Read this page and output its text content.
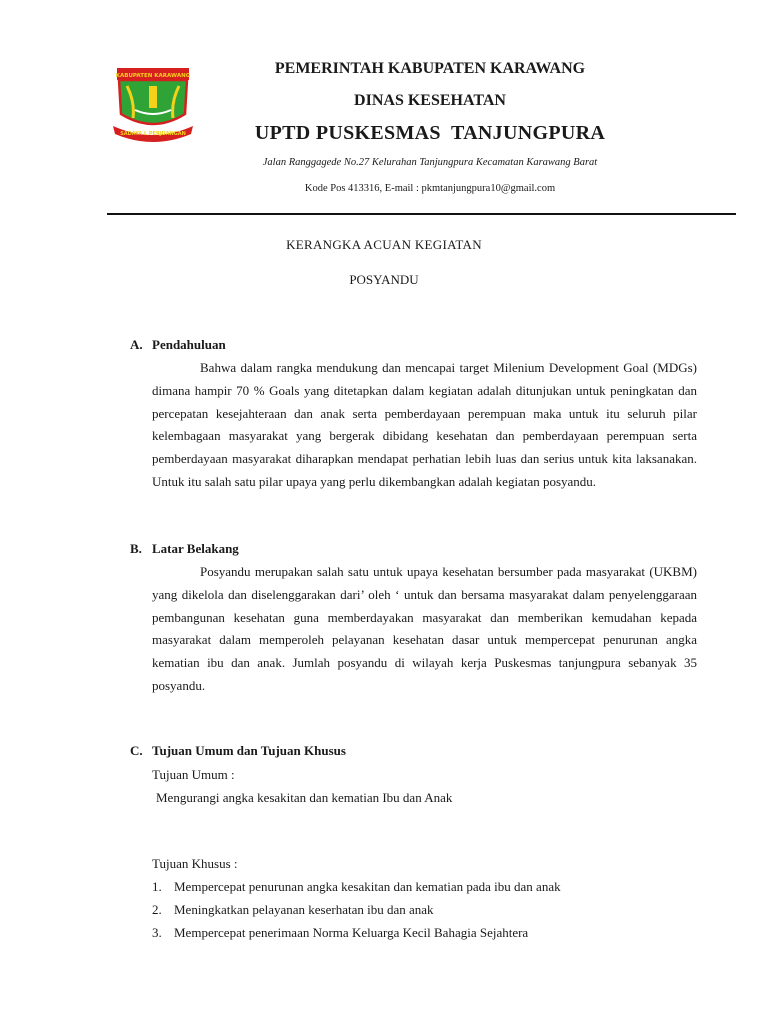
KABUPATEN KARAWANG
SADAYA L PERJUANGAN
PEMERINTAH KABUPATEN KARAWANG
DINAS KESEHATAN
UPTD PUSKESMAS  TANJUNGPURA
Jalan Ranggagede No.27 Kelurahan Tanjungpura Kecamatan Karawang Barat
Kode Pos 413316, E-mail : pkmtanjungpura10@gmail.com
KERANGKA ACUAN KEGIATAN
POSYANDU
A. Pendahuluan
Bahwa dalam rangka mendukung dan mencapai target Milenium Development Goal (MDGs) dimana hampir 70 % Goals yang ditetapkan dalam kegiatan adalah ditunjukan untuk peningkatan dan percepatan kesejahteraan dan anak serta pemberdayaan perempuan maka untuk itu seluruh pilar kelembagaan masyarakat yang bergerak dibidang kesehatan dan pemberdayaan perempuan serta pemberdayaan masyarakat diharapkan mendapat perhatian lebih luas dan serius untuk kita laksanakan. Untuk itu salah satu pilar upaya yang perlu dikembangkan adalah kegiatan posyandu.
B. Latar Belakang
Posyandu merupakan salah satu untuk upaya kesehatan bersumber pada masyarakat (UKBM) yang dikelola dan diselenggarakan dari’ oleh ‘ untuk dan bersama masyarakat dalam penyelenggaraan pembangunan kesehatan guna memberdayakan masyarakat dan memberikan kemudahan kepada masyarakat dalam memperoleh pelayanan kesehatan dasar untuk mempercepat penurunan angka kematian ibu dan anak. Jumlah posyandu di wilayah kerja Puskesmas tanjungpura sebanyak 35 posyandu.
C. Tujuan Umum dan Tujuan Khusus
Tujuan Umum :
Mengurangi angka kesakitan dan kematian Ibu dan Anak
Tujuan Khusus :
1. Mempercepat penurunan angka kesakitan dan kematian pada ibu dan anak
2. Meningkatkan pelayanan keserhatan ibu dan anak
3. Mempercepat penerimaan Norma Keluarga Kecil Bahagia Sejahtera
